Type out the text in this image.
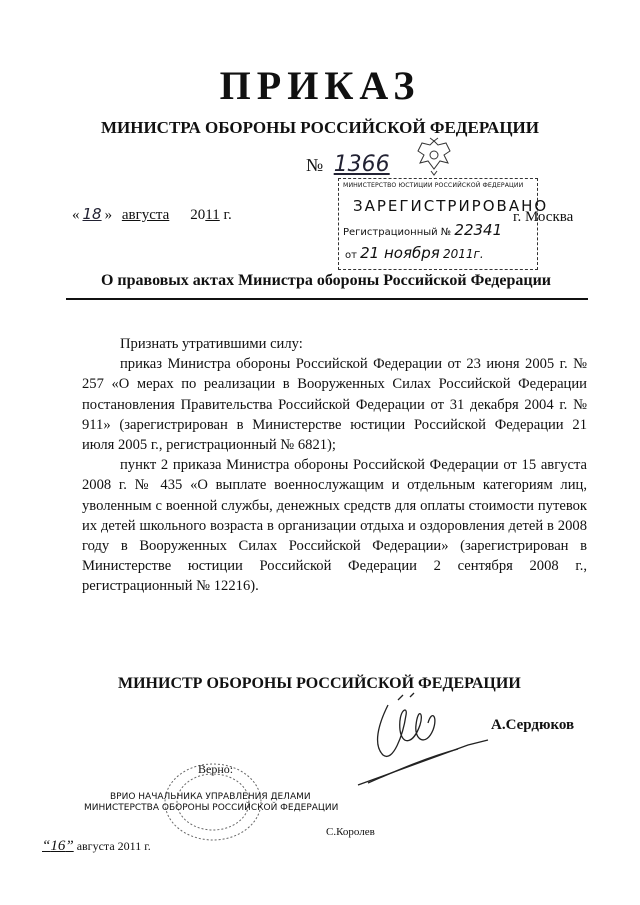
ПРИКАЗ
МИНИСТРА ОБОРОНЫ РОССИЙСКОЙ ФЕДЕРАЦИИ
№ 1366
« 18 » августа 2011 г.	г. Москва
МИНИСТЕРСТВО ЮСТИЦИИ РОССИЙСКОЙ ФЕДЕРАЦИИ
ЗАРЕГИСТРИРОВАНО
Регистрационный № 22341
от 21 ноября 2011г.
О правовых актах Министра обороны Российской Федерации

Признать утратившими силу:

приказ Министра обороны Российской Федерации от 23 июня 2005 г. № 257 «О мерах по реализации в Вооруженных Силах Российской Федерации постановления Правительства Российской Федерации от 31 декабря 2004 г. № 911» (зарегистрирован в Министерстве юстиции Российской Федерации 21 июля 2005 г., регистрационный № 6821);

пункт 2 приказа Министра обороны Российской Федерации от 15 августа 2008 г. № 435 «О выплате военнослужащим и отдельным категориям лиц, уволенным с военной службы, денежных средств для оплаты стоимости путевок их детей школьного возраста в организации отдыха и оздоровления детей в 2008 году в Вооруженных Силах Российской Федерации» (зарегистрирован в Министерстве юстиции Российской Федерации 2 сентября 2008 г., регистрационный № 12216).

МИНИСТР ОБОРОНЫ РОССИЙСКОЙ ФЕДЕРАЦИИ
А.Сердюков
Верно:
ВРИО НАЧАЛЬНИКА УПРАВЛЕНИЯ ДЕЛАМИ
МИНИСТЕРСТВА ОБОРОНЫ РОССИЙСКОЙ ФЕДЕРАЦИИ
С.Королев
“16” августа 2011 г.
